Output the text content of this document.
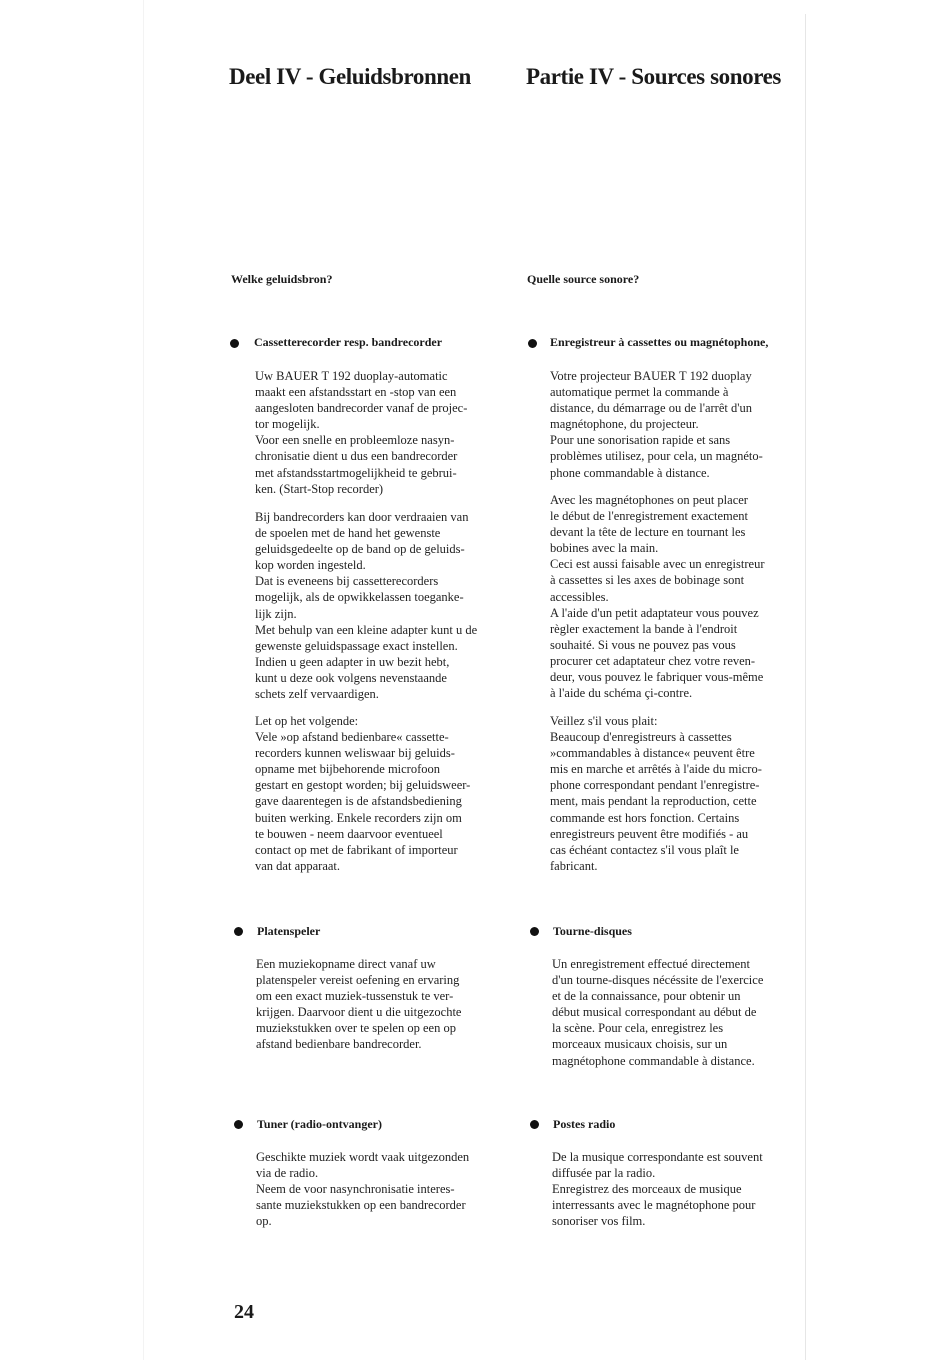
Deel IV - Geluidsbronnen Partie IV - Sources sonores

Welke geluidsbron?	Quelle source sonore?

Cassetterecorder resp. bandrecorder	Enregistreur à cassettes ou magnétophone,

Uw BAUER T 192 duoplay-automatic
maakt een afstandsstart en -stop van een
aangesloten bandrecorder vanaf de projec-
tor mogelijk.
Voor een snelle en probleemloze nasyn-
chronisatie dient u dus een bandrecorder
met afstandsstartmogelijkheid te gebrui-
ken. (Start-Stop recorder)

Bij bandrecorders kan door verdraaien van
de spoelen met de hand het gewenste
geluidsgedeelte op de band op de geluids-
kop worden ingesteld.
Dat is eveneens bij cassetterecorders
mogelijk, als de opwikkelassen toeganke-
lijk zijn.
Met behulp van een kleine adapter kunt u de
gewenste geluidspassage exact instellen.
Indien u geen adapter in uw bezit hebt,
kunt u deze ook volgens nevenstaande
schets zelf vervaardigen.

Let op het volgende:
Vele »op afstand bedienbare« cassette-
recorders kunnen weliswaar bij geluids-
opname met bijbehorende microfoon
gestart en gestopt worden; bij geluidsweer-
gave daarentegen is de afstandsbediening
buiten werking. Enkele recorders zijn om
te bouwen - neem daarvoor eventueel
contact op met de fabrikant of importeur
van dat apparaat.

Votre projecteur BAUER T 192 duoplay
automatique permet la commande à
distance, du démarrage ou de l'arrêt d'un
magnétophone, du projecteur.
Pour une sonorisation rapide et sans
problèmes utilisez, pour cela, un magnéto-
phone commandable à distance.

Avec les magnétophones on peut placer
le début de l'enregistrement exactement
devant la tête de lecture en tournant les
bobines avec la main.
Ceci est aussi faisable avec un enregistreur
à cassettes si les axes de bobinage sont
accessibles.
A l'aide d'un petit adaptateur vous pouvez
règler exactement la bande à l'endroit
souhaité. Si vous ne pouvez pas vous
procurer cet adaptateur chez votre reven-
deur, vous pouvez le fabriquer vous-même
à l'aide du schéma çi-contre.

Veillez s'il vous plait:
Beaucoup d'enregistreurs à cassettes
»commandables à distance« peuvent être
mis en marche et arrêtés à l'aide du micro-
phone correspondant pendant l'enregistre-
ment, mais pendant la reproduction, cette
commande est hors fonction. Certains
enregistreurs peuvent être modifiés - au
cas échéant contactez s'il vous plaît le
fabricant.

Platenspeler	Tourne-disques

Een muziekopname direct vanaf uw
platenspeler vereist oefening en ervaring
om een exact muziek-tussenstuk te ver-
krijgen. Daarvoor dient u die uitgezochte
muziekstukken over te spelen op een op
afstand bedienbare bandrecorder.

Un enregistrement effectué directement
d'un tourne-disques nécéssite de l'exercice
et de la connaissance, pour obtenir un
début musical correspondant au début de
la scène. Pour cela, enregistrez les
morceaux musicaux choisis, sur un
magnétophone commandable à distance.

Tuner (radio-ontvanger)	Postes radio

Geschikte muziek wordt vaak uitgezonden
via de radio.
Neem de voor nasynchronisatie interes-
sante muziekstukken op een bandrecorder
op.

De la musique correspondante est souvent
diffusée par la radio.
Enregistrez des morceaux de musique
interressants avec le magnétophone pour
sonoriser vos film.

24
